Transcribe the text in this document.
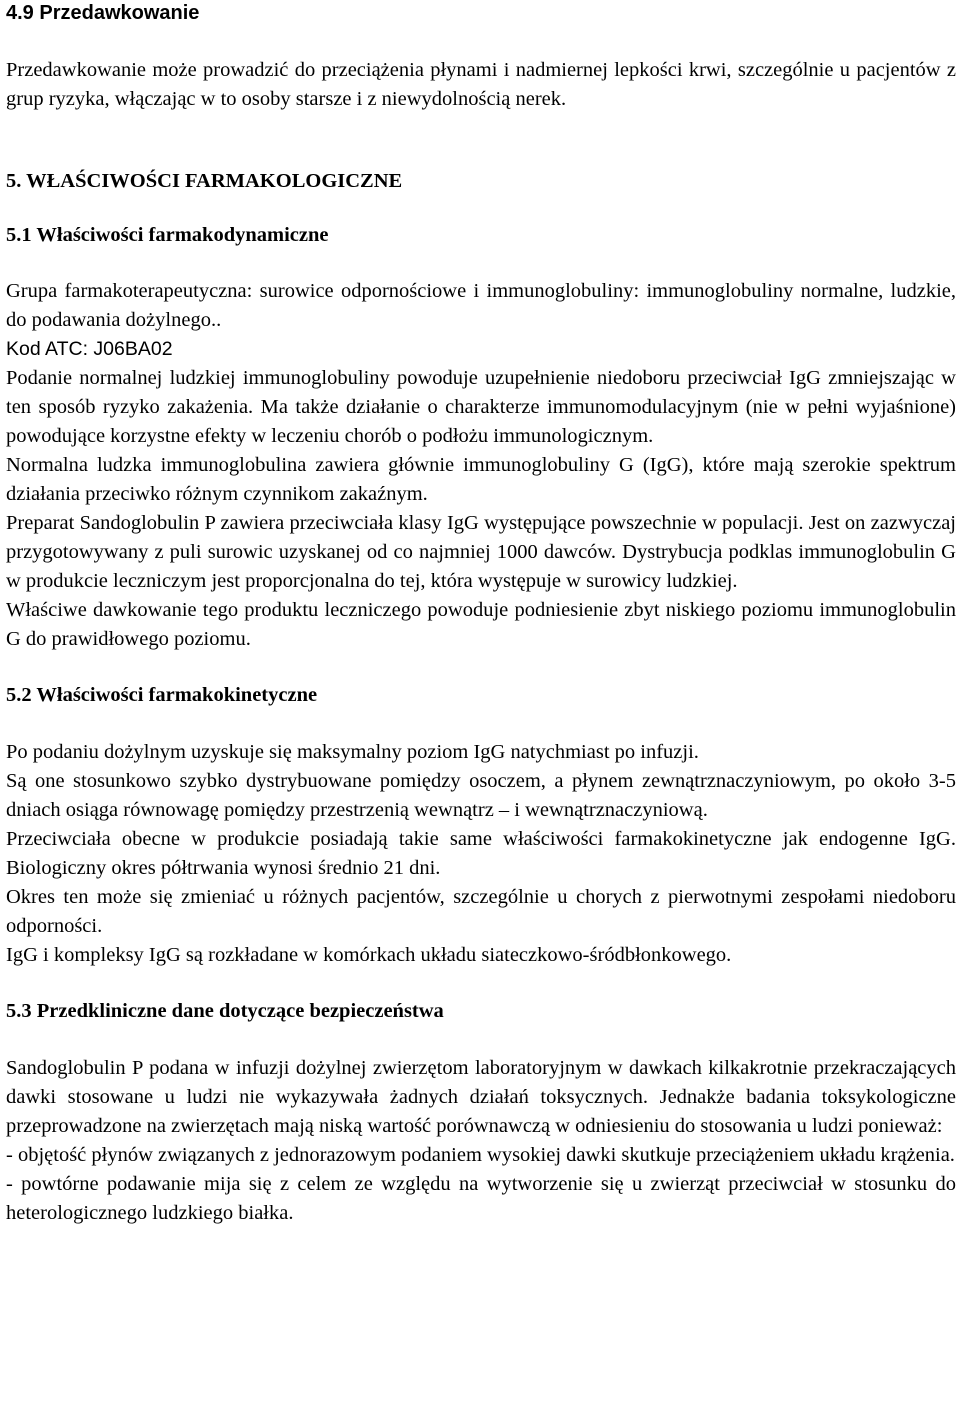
4.9 Przedawkowanie
Przedawkowanie może prowadzić do przeciążenia płynami i nadmiernej lepkości krwi, szczególnie u pacjentów z grup ryzyka, włączając w to osoby starsze i z niewydolnością nerek.
5. WŁAŚCIWOŚCI FARMAKOLOGICZNE
5.1 Właściwości farmakodynamiczne
Grupa farmakoterapeutyczna: surowice odpornościowe i immunoglobuliny: immunoglobuliny normalne, ludzkie, do podawania dożylnego..
Kod ATC: J06BA02
Podanie normalnej ludzkiej immunoglobuliny powoduje uzupełnienie niedoboru przeciwciał IgG zmniejszając w ten sposób ryzyko zakażenia. Ma także działanie o charakterze immunomodulacyjnym (nie w pełni wyjaśnione) powodujące korzystne efekty w leczeniu chorób o podłożu immunologicznym.
Normalna ludzka immunoglobulina zawiera głównie immunoglobuliny G (IgG), które mają szerokie spektrum działania przeciwko różnym czynnikom zakaźnym.
Preparat Sandoglobulin P zawiera przeciwciała klasy IgG występujące powszechnie w populacji. Jest on zazwyczaj przygotowywany z puli surowic uzyskanej od co najmniej 1000 dawców. Dystrybucja podklas immunoglobulin G w produkcie leczniczym jest proporcjonalna do tej, która występuje w surowicy ludzkiej.
Właściwe dawkowanie tego produktu leczniczego powoduje podniesienie zbyt niskiego poziomu immunoglobulin G do prawidłowego poziomu.
5.2 Właściwości farmakokinetyczne
Po podaniu dożylnym uzyskuje się maksymalny poziom IgG natychmiast po infuzji.
Są one stosunkowo szybko dystrybuowane pomiędzy osoczem, a płynem zewnątrznaczyniowym, po około 3-5 dniach osiąga równowagę pomiędzy przestrzenią wewnątrz – i wewnątrznaczyniową.
Przeciwciała obecne w produkcie posiadają takie same właściwości farmakokinetyczne jak endogenne IgG. Biologiczny okres półtrwania wynosi średnio 21 dni.
Okres ten może się zmieniać u różnych pacjentów, szczególnie u chorych z pierwotnymi zespołami niedoboru odporności.
IgG i kompleksy IgG są rozkładane w komórkach układu siateczkowo-śródbłonkowego.
5.3 Przedkliniczne dane dotyczące bezpieczeństwa
Sandoglobulin P podana w infuzji dożylnej zwierzętom laboratoryjnym w dawkach kilkakrotnie przekraczających dawki stosowane u ludzi nie wykazywała żadnych działań toksycznych. Jednakże badania toksykologiczne przeprowadzone na zwierzętach mają niską wartość porównawczą w odniesieniu do stosowania u ludzi ponieważ:
- objętość płynów związanych z jednorazowym podaniem wysokiej dawki skutkuje przeciążeniem układu krążenia.
- powtórne podawanie mija się z celem ze względu na wytworzenie się u zwierząt przeciwciał w stosunku do heterologicznego ludzkiego białka.
